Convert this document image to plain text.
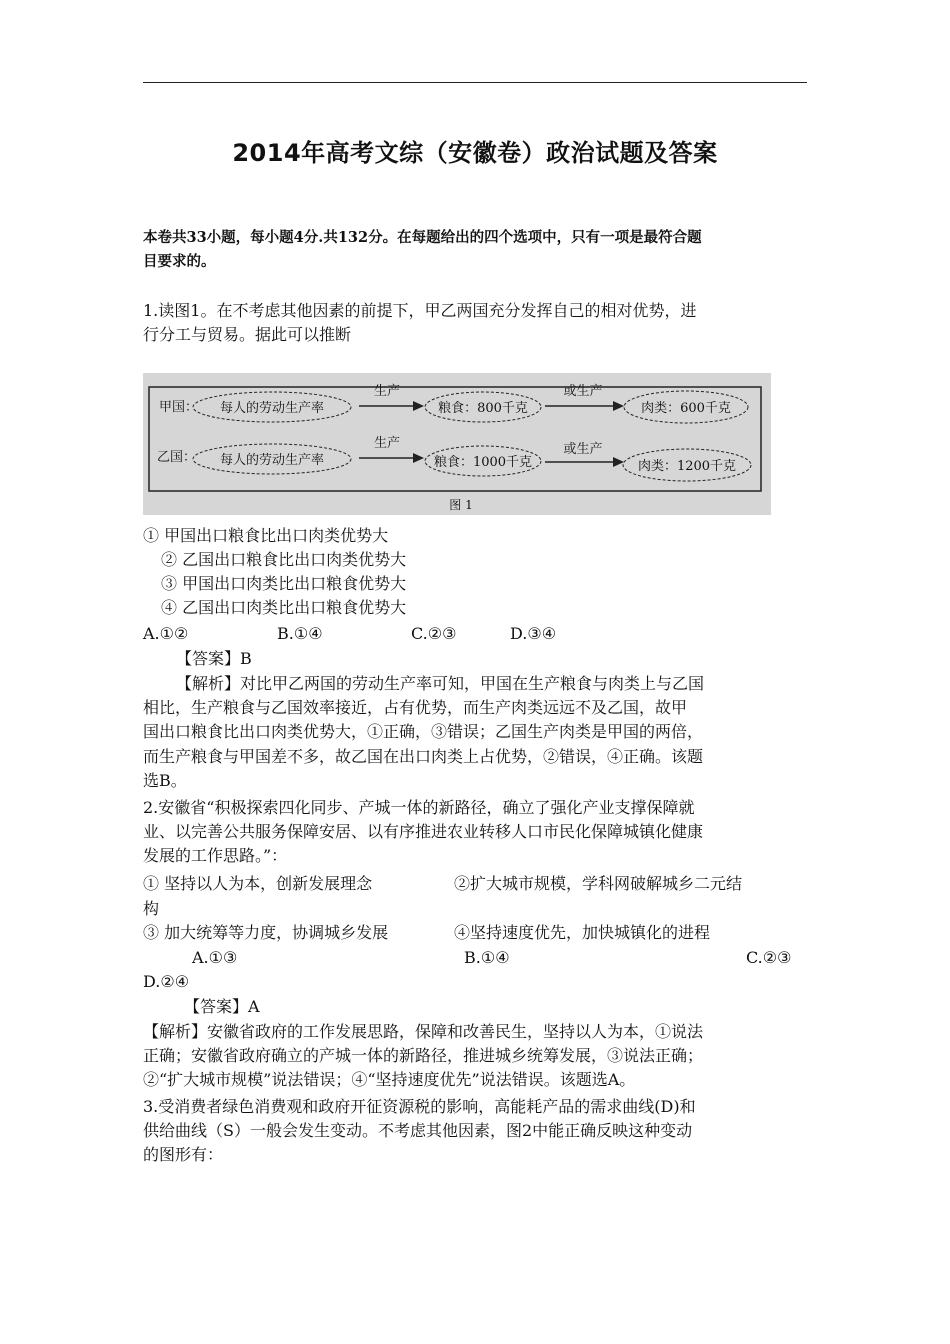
2014年高考文综（安徽卷）政治试题及答案

本卷共33小题，每小题4分.共132分。在每题给出的四个选项中，只有一项是最符合题

目要求的。

1.读图1。在不考虑其他因素的前提下，甲乙两国充分发挥自己的相对优势，进

行分工与贸易。据此可以推断

甲国： 每人的劳动生产率
生产
粮食：800千克
或生产
肉类：600千克
乙国： 每人的劳动生产率
生产
粮食：1000千克
或生产
肉类：1200千克
图 1
① 甲国出口粮食比出口肉类优势大
② 乙国出口粮食比出口肉类优势大
③ 甲国出口肉类比出口粮食优势大
④ 乙国出口肉类比出口粮食优势大
A.①②	B.①④	C.②③	D.③④
【答案】B

【解析】对比甲乙两国的劳动生产率可知，甲国在生产粮食与肉类上与乙国

相比，生产粮食与乙国效率接近，占有优势，而生产肉类远远不及乙国，故甲

国出口粮食比出口肉类优势大，①正确，③错误；乙国生产肉类是甲国的两倍，

而生产粮食与甲国差不多，故乙国在出口肉类上占优势，②错误，④正确。该题

选B。

2.安徽省“积极探索四化同步、产城一体的新路径，确立了强化产业支撑保障就

业、以完善公共服务保障安居、以有序推进农业转移人口市民化保障城镇化健康

发展的工作思路。”：

① 坚持以人为本，创新发展理念	②扩大城市规模，学科网破解城乡二元结
构
③ 加大统筹等力度，协调城乡发展	④坚持速度优先，加快城镇化的进程
A.①③	B.①④	C.②③
D.②④
【答案】A

【解析】安徽省政府的工作发展思路，保障和改善民生，坚持以人为本，①说法

正确；安徽省政府确立的产城一体的新路径，推进城乡统筹发展，③说法正确；

②“扩大城市规模”说法错误；④“坚持速度优先”说法错误。该题选A。

3.受消费者绿色消费观和政府开征资源税的影响，高能耗产品的需求曲线(D)和

供给曲线（S）一般会发生变动。不考虑其他因素，图2中能正确反映这种变动

的图形有：
